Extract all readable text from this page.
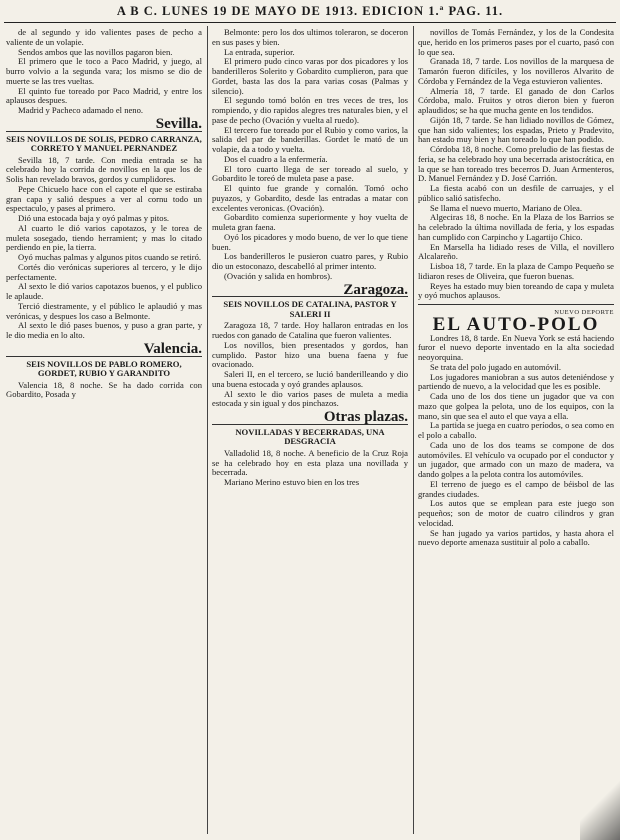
A B C. LUNES 19 DE MAYO DE 1913. EDICION 1.ª PAG. 11.

de al segundo y ido valientes pases de pecho a valiente de un volapie.

Sendos ambos que las novillos pagaron bien.

El primero que le toco a Paco Madrid, y juego, al burro volvio a la segunda vara; los mismo se dio de muerte se las tres vueltas.

El quinto fue toreado por Paco Madrid, y entre los aplausos despues.

Madrid y Pacheco adamado el neno.

Sevilla.
SEIS NOVILLOS DE SOLIS, PEDRO CARRANZA, CORRETO Y MANUEL PERNANDEZ

Sevilla 18, 7 tarde. Con media entrada se ha celebrado hoy la corrida de novillos en la que los de Solis han revelado bravos, gordos y cumplidores.

Pepe Chicuelo hace con el capote el que se estiraba gran capa y salió despues a ver al cornu todo un espectaculo, y pases al primero.

Dió una estocada baja y oyó palmas y pitos.

Al cuarto le dió varios capotazos, y le torea de muleta sosegado, tiendo herramient; y mas lo citado perdiendo en pie, la tierra.

Oyó muchas palmas y algunos pitos cuando se retiró.

Cortés dio verónicas superiores al tercero, y le dijo perfectamente.

Al sexto le dió varios capotazos buenos, y el publico le aplaude.

Terció diestramente, y el público le aplaudió y mas verónicas, y despues los caso a Belmonte.

Al sexto le dió pases buenos, y puso a gran parte, y le dio media en lo alto.

Valencia.
SEIS NOVILLOS DE PABLO ROMERO, GORDET, RUBIO Y GARANDITO

Valencia 18, 8 noche. Se ha dado corrida con Gobardito, Posada y

Belmonte: pero los dos ultimos toleraron, se doceron en sus pases y bien.

La entrada, superior.

El primero pudo cinco varas por dos picadores y los banderilleros Solerito y Gobardito cumplieron, para que Gordet, basta las dos la para varias cosas (Palmas y silencio).

El segundo tomó bolón en tres veces de tres, los rompiendo, y dio rapidos alegres tres naturales bien, y el pase de pecho (Ovación y vuelta al ruedo).

El tercero fue toreado por el Rubio y como varios, la salida del par de banderillas. Gordet le mató de un volapie, da a todo y vuelta.

Dos el cuadro a la enfermería.

El toro cuarto llega de ser toreado al suelo, y Gobardito le toreó de muleta pase a pase.

El quinto fue grande y cornalón. Tomó ocho puyazos, y Gobardito, desde las entradas a matar con excelentes veronicas. (Ovación).

Gobardito comienza superiormente y hoy vuelta de muleta gran faena.

Oyó los picadores y modo bueno, de ver lo que tiene buen.

Los banderilleros le pusieron cuatro pares, y Rubio dio un estoconazo, descabelló al primer intento.

(Ovación y salida en hombros).

Zaragoza.
SEIS NOVILLOS DE CATALINA, PASTOR Y SALERI II

Zaragoza 18, 7 tarde. Hoy hallaron entradas en los ruedos con ganado de Catalina que fueron valientes.

Los novillos, bien presentados y gordos, han cumplido. Pastor hizo una buena faena y fue ovacionado.

Saleri II, en el tercero, se lució banderilleando y dio una buena estocada y oyó grandes aplausos.

Al sexto le dio varios pases de muleta a media estocada y sin igual y dos pinchazos.

Otras plazas.
NOVILLADAS Y BECERRADAS, UNA DESGRACIA

Valladolid 18, 8 noche. A beneficio de la Cruz Roja se ha celebrado hoy en esta plaza una novillada y becerrada.

Mariano Merino estuvo bien en los tres

novillos de Tomás Fernández, y los de la Condesita que, herido en los primeros pases por el cuarto, pasó con lo que sea.

Granada 18, 7 tarde. Los novillos de la marquesa de Tamarón fueron difíciles, y los novilleros Alvarito de Córdoba y Fernández de la Vega estuvieron valientes.

Almería 18, 7 tarde. El ganado de don Carlos Córdoba, malo. Fruitos y otros dieron bien y fueron aplaudidos; se ha que mucha gente en los tendidos.

Gijón 18, 7 tarde. Se han lidiado novillos de Gómez, que han sido valientes; los espadas, Prieto y Pradevito, han estado muy bien y han toreado lo que han podido.

Córdoba 18, 8 noche. Como preludio de las fiestas de feria, se ha celebrado hoy una becerrada aristocrática, en la que se han toreado tres becerros D. Juan Armenteros, D. Manuel Fernández y D. José Carrión.

La fiesta acabó con un desfile de carruajes, y el público salió satisfecho.

Se llama el nuevo muerto, Mariano de Olea.

Algeciras 18, 8 noche. En la Plaza de los Barrios se ha celebrado la última novillada de feria, y los espadas han cumplido con Carpincho y Lagartijo Chico.

En Marsella ha lidiado reses de Villa, el novillero Alcalareño.

Lisboa 18, 7 tarde. En la plaza de Campo Pequeño se lidiaron reses de Oliveira, que fueron buenas.

Reyes ha estado muy bien toreando de capa y muleta y oyó muchos aplausos.

NUEVO DEPORTE
EL AUTO-POLO

Londres 18, 8 tarde. En Nueva York se está haciendo furor el nuevo deporte inventado en la alta sociedad neoyorquina.

Se trata del polo jugado en automóvil.

Los jugadores maniobran a sus autos deteniéndose y partiendo de nuevo, a la velocidad que les es posible.

Cada uno de los dos tiene un jugador que va con mazo que golpea la pelota, uno de los equipos, con la mano, sin que sea el auto el que vaya a ella.

La partida se juega en cuatro períodos, o sea como en el polo a caballo.

Cada uno de los dos teams se compone de dos automóviles. El vehículo va ocupado por el conductor y un jugador, que armado con un mazo de madera, va dando golpes a la pelota contra los automóviles.

El terreno de juego es el campo de béisbol de las grandes ciudades.

Los autos que se emplean para este juego son pequeños; son de motor de cuatro cilindros y gran velocidad.

Se han jugado ya varios partidos, y hasta ahora el nuevo deporte amenaza sustituir al polo a caballo.
